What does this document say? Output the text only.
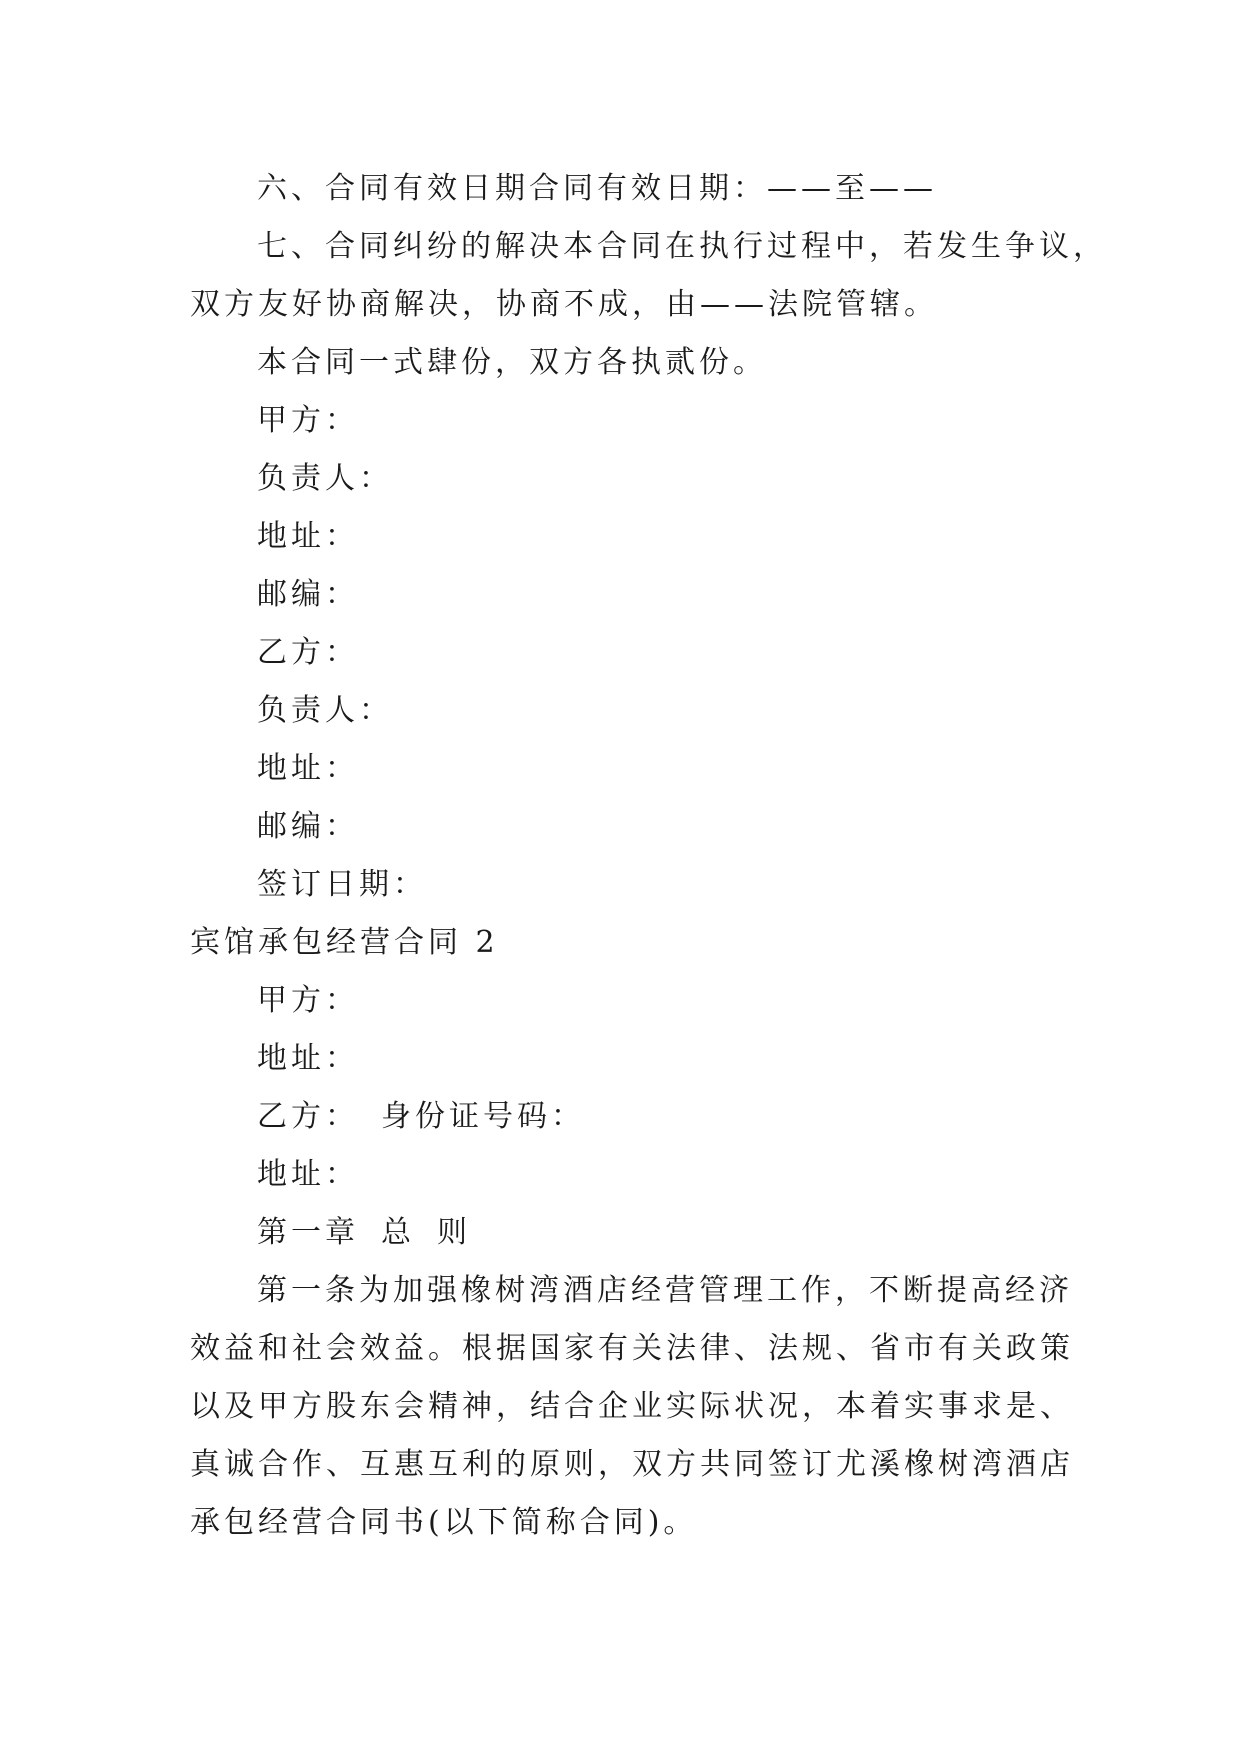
六、合同有效日期合同有效日期：——至——
七、合同纠纷的解决本合同在执行过程中，若发生争议，
双方友好协商解决，协商不成，由——法院管辖。
本合同一式肆份，双方各执贰份。
甲方：
负责人：
地址：
邮编：
乙方：
负责人：
地址：
邮编：
签订日期：
宾馆承包经营合同 2
甲方：
地址：
乙方： 身份证号码：
地址：
第一章 总 则
第一条为加强橡树湾酒店经营管理工作，不断提高经济
效益和社会效益。根据国家有关法律、法规、省市有关政策
以及甲方股东会精神，结合企业实际状况，本着实事求是、
真诚合作、互惠互利的原则，双方共同签订尤溪橡树湾酒店
承包经营合同书(以下简称合同)。
